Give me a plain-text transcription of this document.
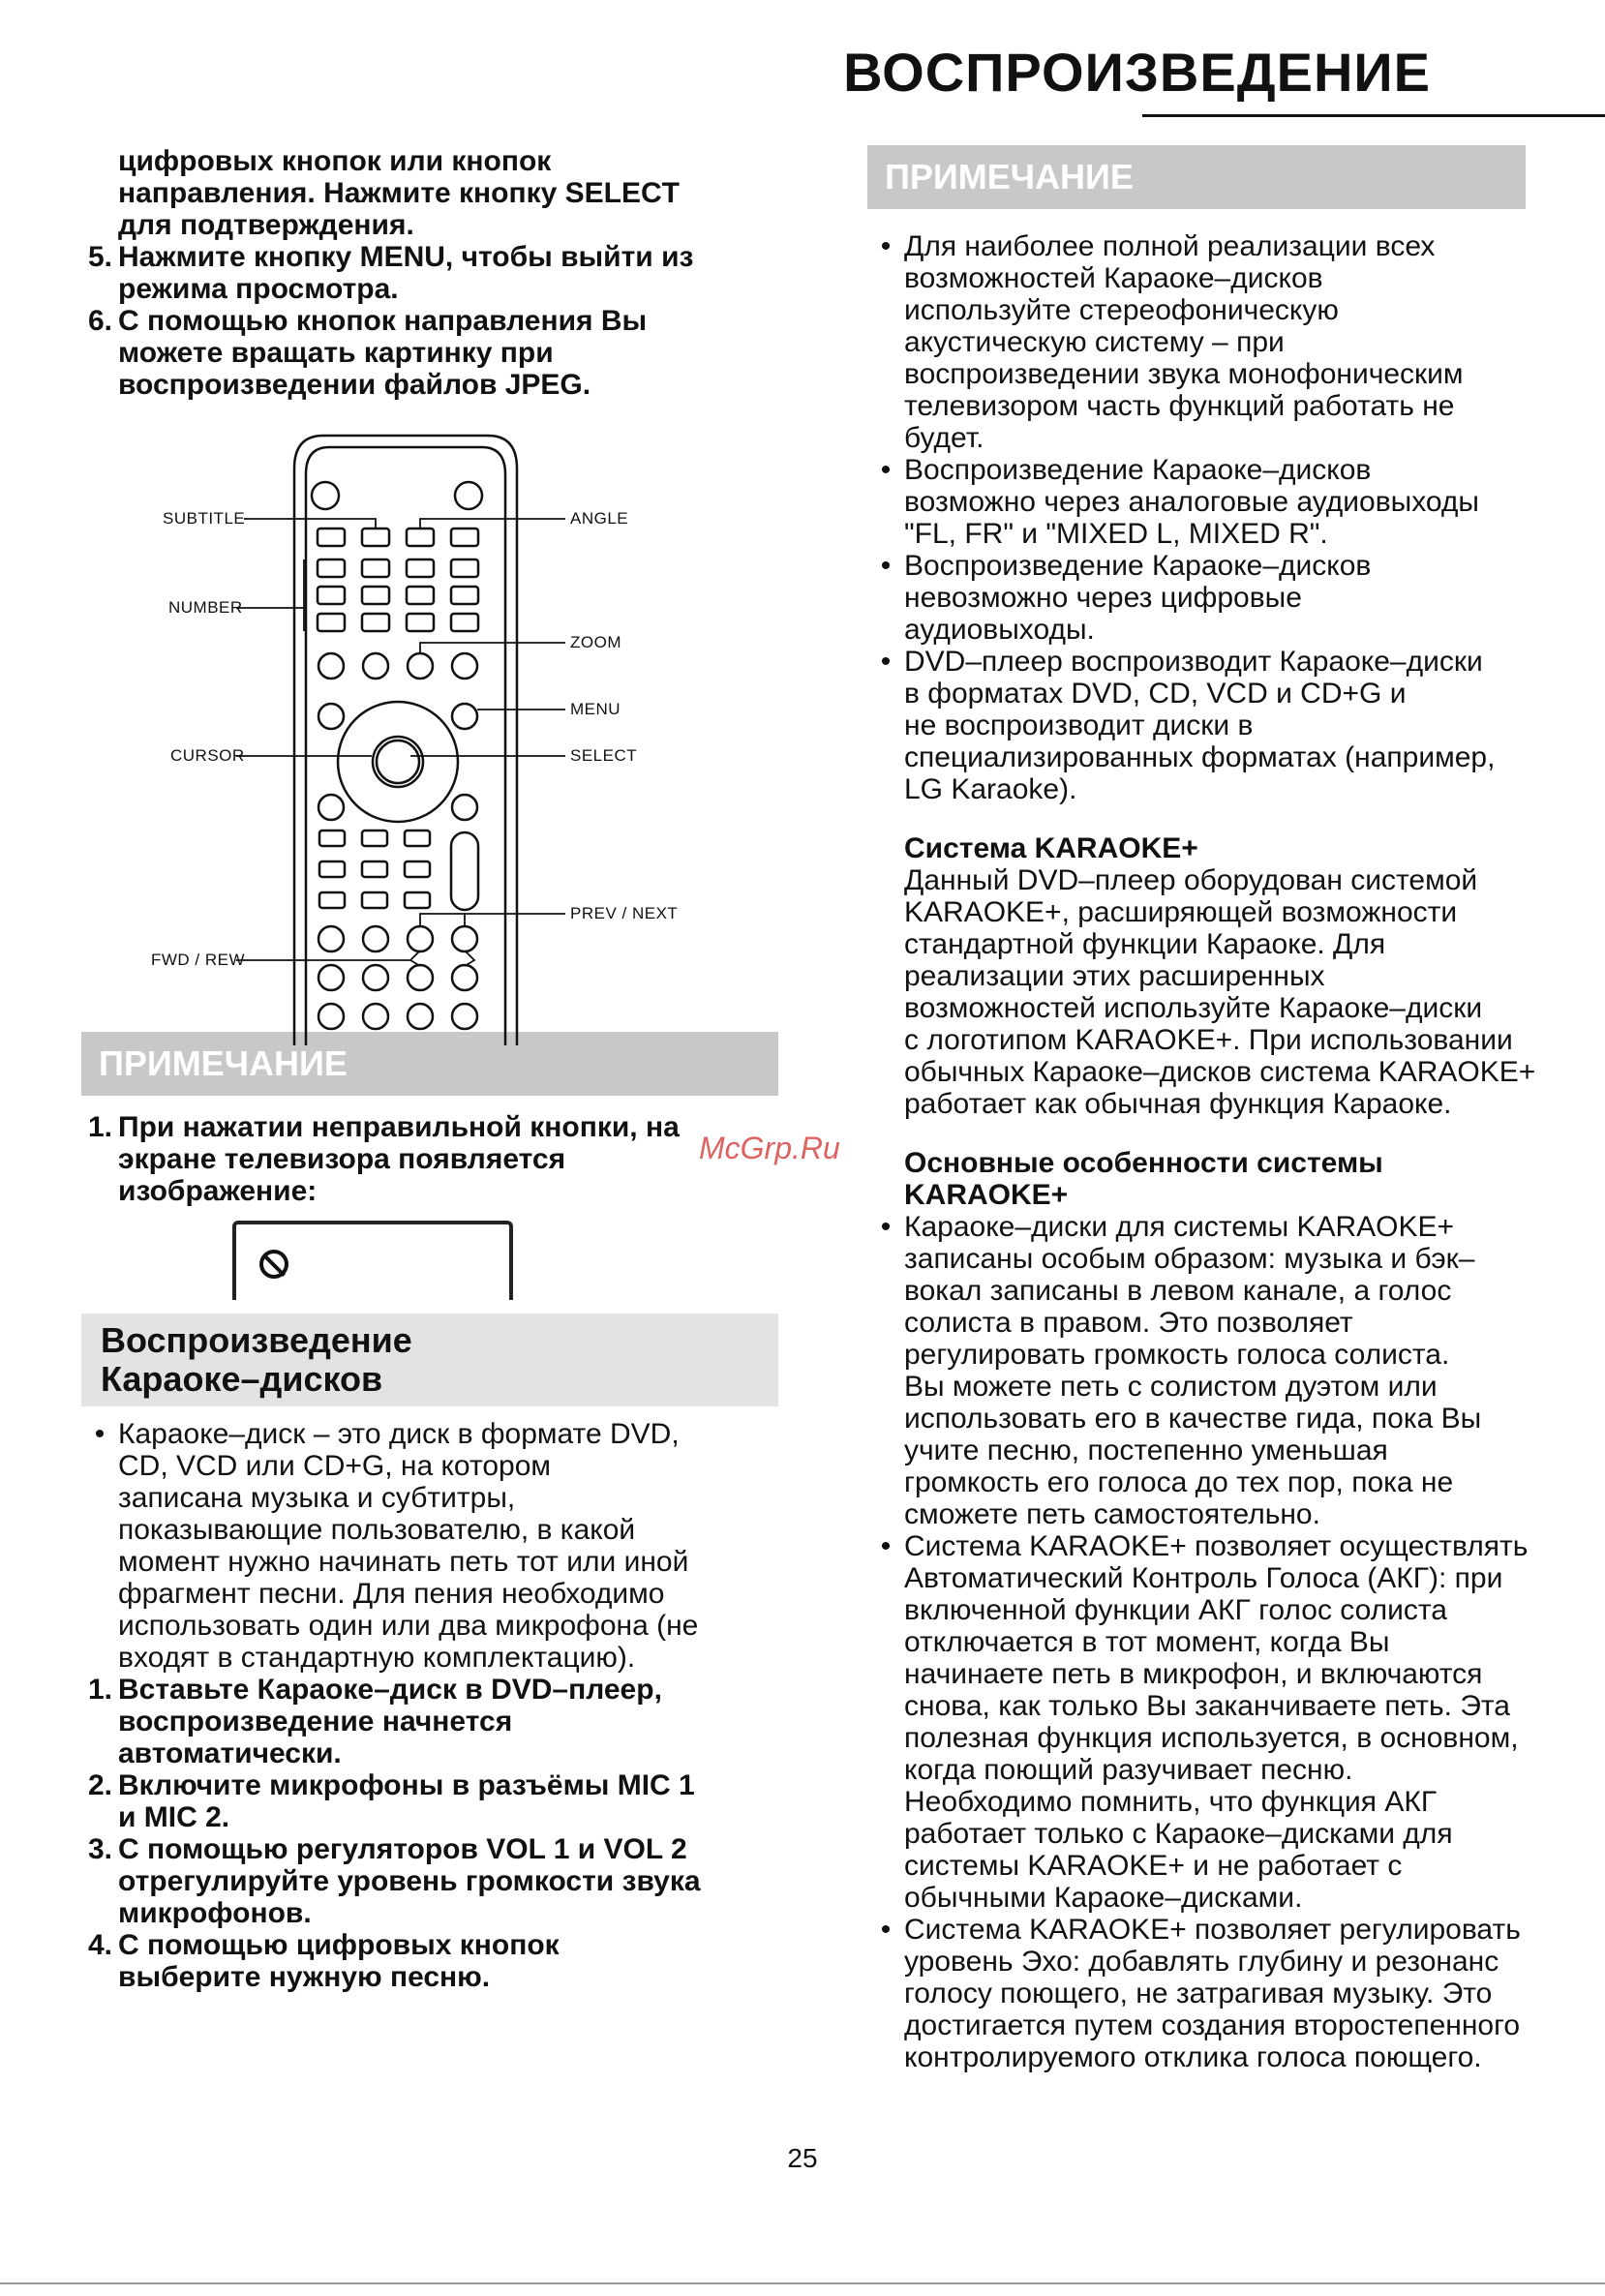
ВОСПРОИЗВЕДЕНИЕ
цифровых кнопок или кнопок
направления. Нажмите кнопку SELECT
для подтверждения.
5. Нажмите кнопку MENU, чтобы выйти из
режима просмотра.
6. С помощью кнопок направления Вы
можете вращать картинку при
воспроизведении файлов JPEG.
SUBTITLE	ANGLE
NUMBER
ZOOM
MENU
CURSOR	SELECT
PREV / NEXT
FWD / REW
ПРИМЕЧАНИЕ
1. При нажатии неправильной кнопки, на
экране телевизора появляется
изображение:
Воспроизведение
Караоке–дисков
• Караоке–диск – это диск в формате DVD,
CD, VCD или CD+G, на котором
записана музыка и субтитры,
показывающие пользователю, в какой
момент нужно начинать петь тот или иной
фрагмент песни. Для пения необходимо
использовать один или два микрофона (не
входят в стандартную комплектацию).
1. Вставьте Караоке–диск в DVD–плеер,
воспроизведение начнется
автоматически.
2. Включите микрофоны в разъёмы MIC 1
и MIC 2.
3. С помощью регуляторов VOL 1 и VOL 2
отрегулируйте уровень громкости звука
микрофонов.
4. С помощью цифровых кнопок
выберите нужную песню.
ПРИМЕЧАНИЕ
• Для наиболее полной реализации всех
возможностей Караоке–дисков
используйте стереофоническую
акустическую систему – при
воспроизведении звука монофоническим
телевизором часть функций работать не
будет.
• Воспроизведение Караоке–дисков
возможно через аналоговые аудиовыходы
"FL, FR" и "MIXED L, MIXED R".
• Воспроизведение Караоке–дисков
невозможно через цифровые
аудиовыходы.
• DVD–плеер воспроизводит Караоке–диски
в форматах DVD, CD, VCD и CD+G и
не воспроизводит диски в
специализированных форматах (например,
LG Karaoke).
Система KARAOKE+
Данный DVD–плеер оборудован системой
KARAOKE+, расширяющей возможности
стандартной функции Караоке. Для
реализации этих расширенных
возможностей используйте Караоке–диски
с логотипом KARAOKE+. При использовании
обычных Караоке–дисков система KARAOKE+
работает как обычная функция Караоке.
Основные особенности системы
KARAOKE+
• Караоке–диски для системы KARAOKE+
записаны особым образом: музыка и бэк–
вокал записаны в левом канале, а голос
солиста в правом. Это позволяет
регулировать громкость голоса солиста.
Вы можете петь с солистом дуэтом или
использовать его в качестве гида, пока Вы
учите песню, постепенно уменьшая
громкость его голоса до тех пор, пока не
сможете петь самостоятельно.
• Система KARAOKE+ позволяет осуществлять
Автоматический Контроль Голоса (АКГ): при
включенной функции АКГ голос солиста
отключается в тот момент, когда Вы
начинаете петь в микрофон, и включаются
снова, как только Вы заканчиваете петь. Эта
полезная функция используется, в основном,
когда поющий разучивает песню.
Необходимо помнить, что функция АКГ
работает только с Караоке–дисками для
системы KARAOKE+ и не работает с
обычными Караоке–дисками.
• Система KARAOKE+ позволяет регулировать
уровень Эхо: добавлять глубину и резонанс
голосу поющего, не затрагивая музыку. Это
достигается путем создания второстепенного
контролируемого отклика голоса поющего.
McGrp.Ru
25
